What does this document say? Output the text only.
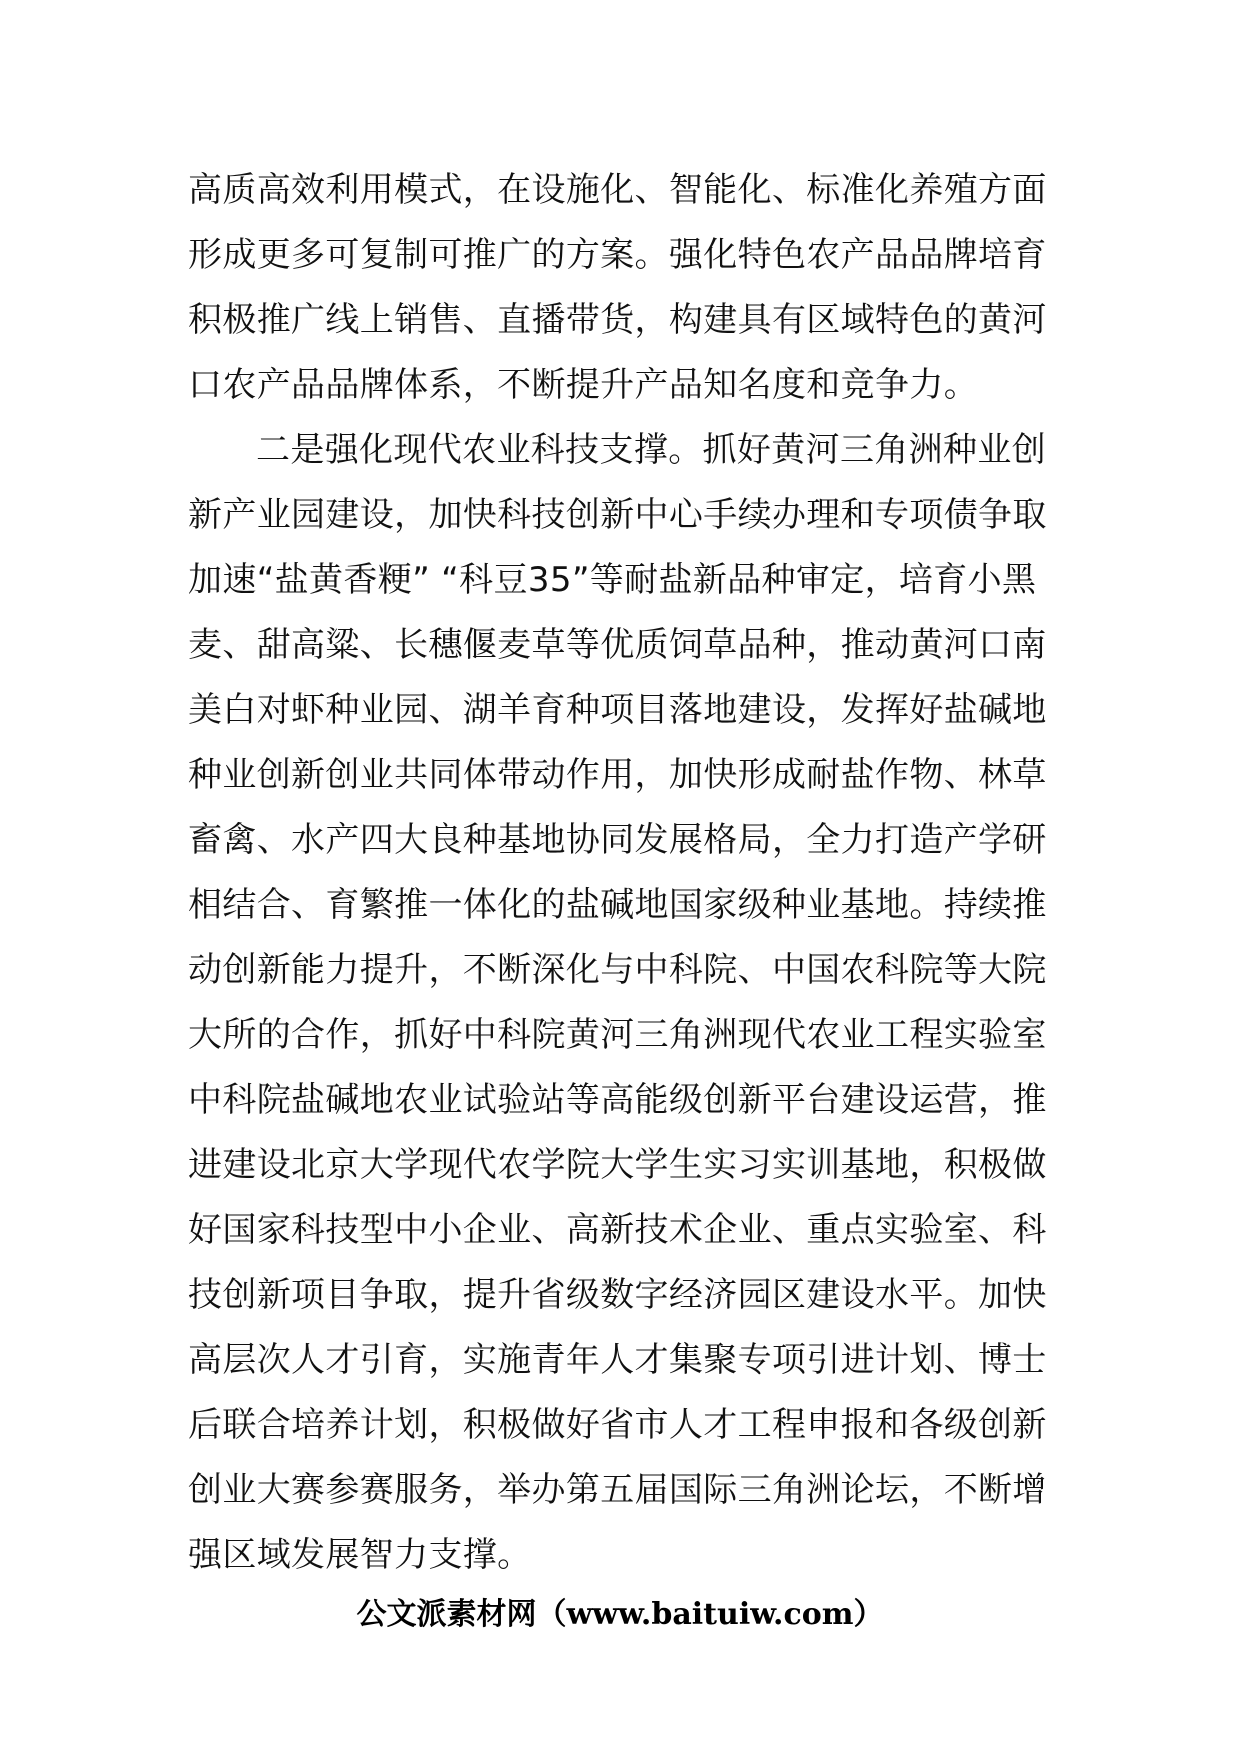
高质高效利用模式，在设施化、智能化、标准化养殖方面
形成更多可复制可推广的方案。强化特色农产品品牌培育
积极推广线上销售、直播带货，构建具有区域特色的黄河
口农产品品牌体系，不断提升产品知名度和竞争力。
二是强化现代农业科技支撑。抓好黄河三角洲种业创
新产业园建设，加快科技创新中心手续办理和专项债争取
加速“盐黄香粳” “科豆35”等耐盐新品种审定，培育小黑
麦、甜高粱、长穗偃麦草等优质饲草品种，推动黄河口南
美白对虾种业园、湖羊育种项目落地建设，发挥好盐碱地
种业创新创业共同体带动作用，加快形成耐盐作物、林草
畜禽、水产四大良种基地协同发展格局，全力打造产学研
相结合、育繁推一体化的盐碱地国家级种业基地。持续推
动创新能力提升，不断深化与中科院、中国农科院等大院
大所的合作，抓好中科院黄河三角洲现代农业工程实验室
中科院盐碱地农业试验站等高能级创新平台建设运营，推
进建设北京大学现代农学院大学生实习实训基地，积极做
好国家科技型中小企业、高新技术企业、重点实验室、科
技创新项目争取，提升省级数字经济园区建设水平。加快
高层次人才引育，实施青年人才集聚专项引进计划、博士
后联合培养计划，积极做好省市人才工程申报和各级创新
创业大赛参赛服务，举办第五届国际三角洲论坛，不断增
强区域发展智力支撑。
公文派素材网（www.baituiw.com）
